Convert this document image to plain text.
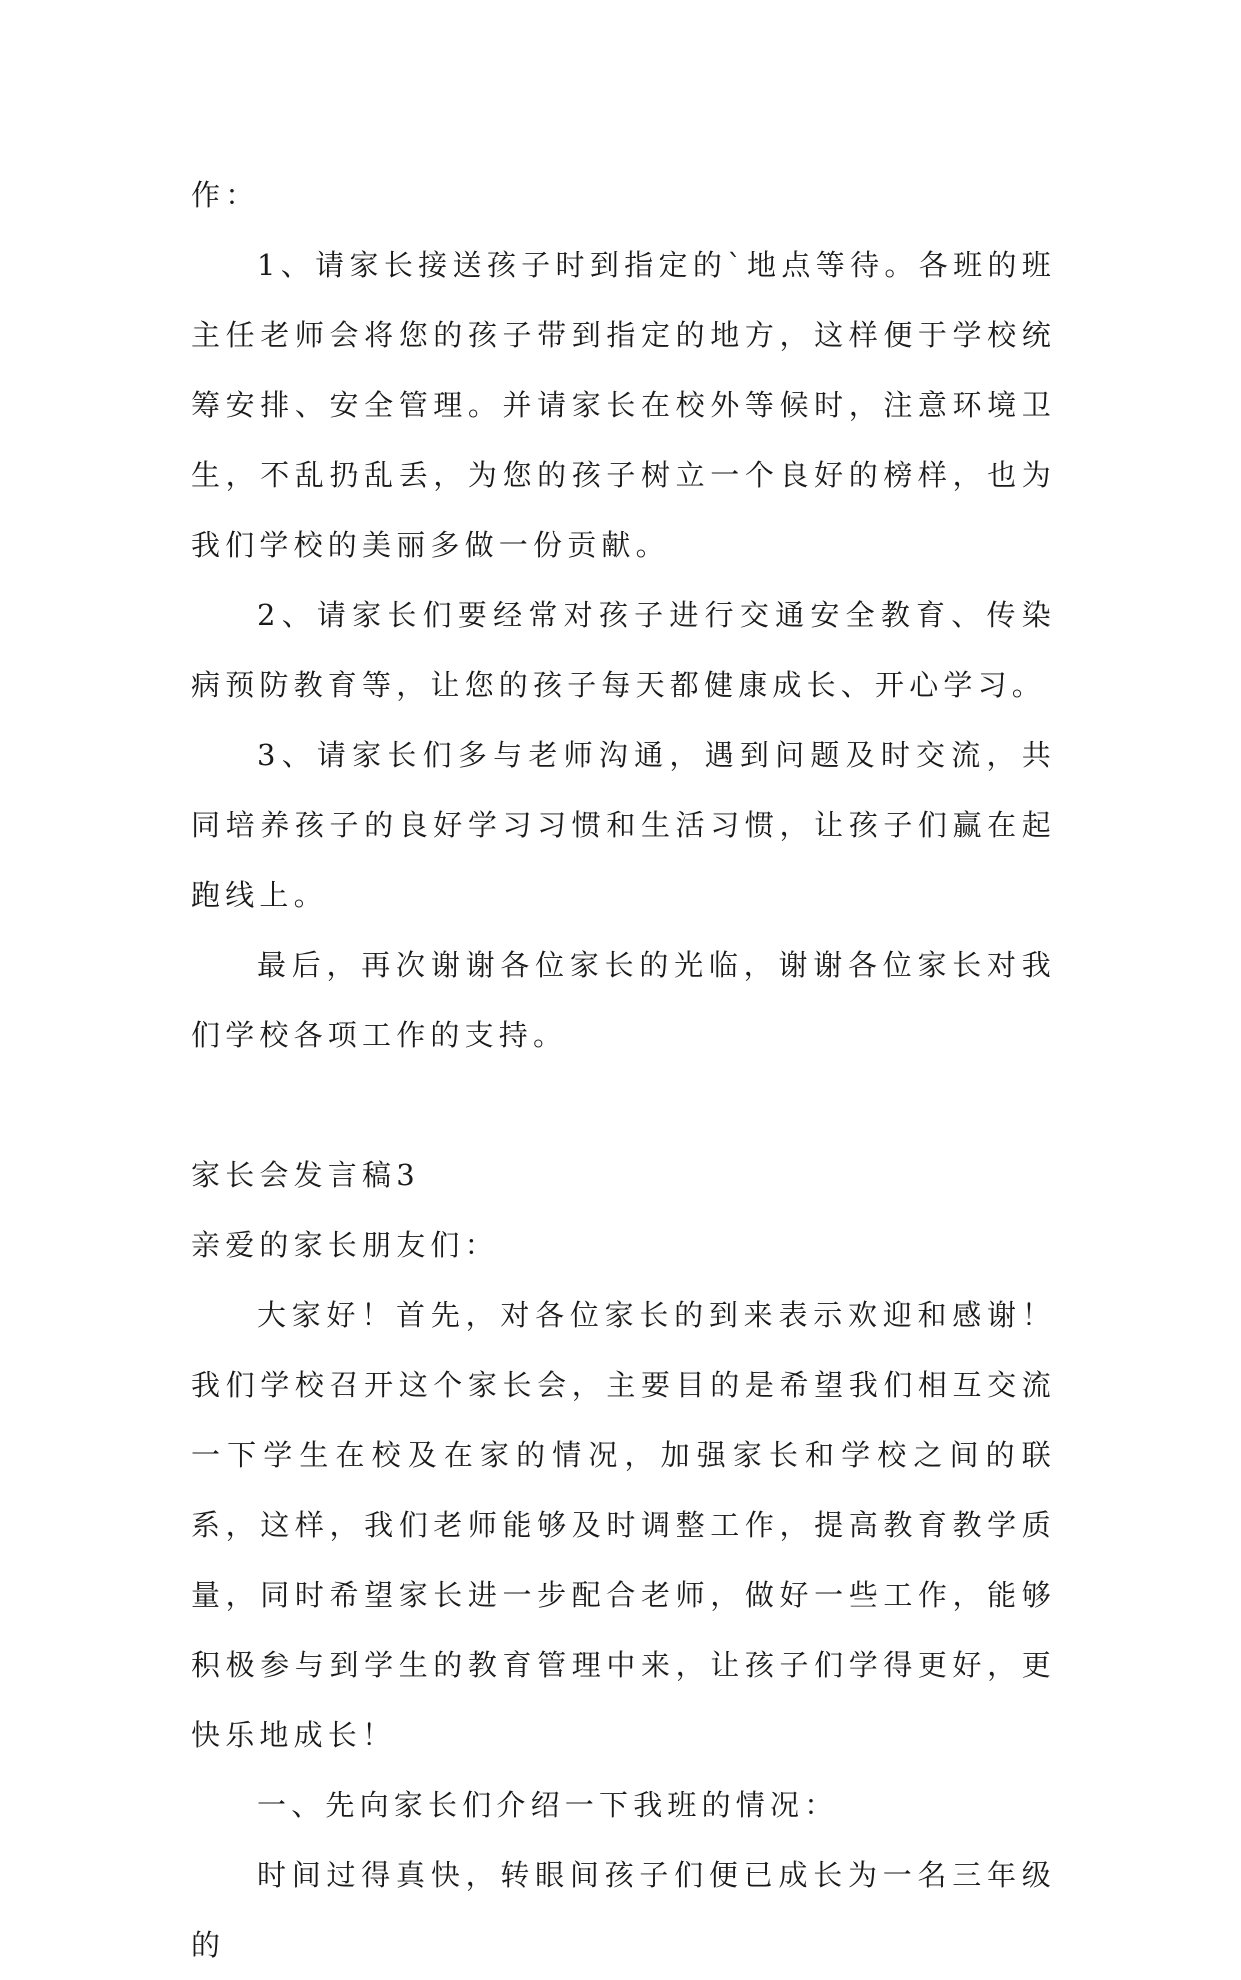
作：

1、请家长接送孩子时到指定的`地点等待。各班的班主任老师会将您的孩子带到指定的地方，这样便于学校统筹安排、安全管理。并请家长在校外等候时，注意环境卫生，不乱扔乱丢，为您的孩子树立一个良好的榜样，也为我们学校的美丽多做一份贡献。

2、请家长们要经常对孩子进行交通安全教育、传染病预防教育等，让您的孩子每天都健康成长、开心学习。

3、请家长们多与老师沟通，遇到问题及时交流，共同培养孩子的良好学习习惯和生活习惯，让孩子们赢在起跑线上。

最后，再次谢谢各位家长的光临，谢谢各位家长对我们学校各项工作的支持。

家长会发言稿3

亲爱的家长朋友们：

大家好！首先，对各位家长的到来表示欢迎和感谢！我们学校召开这个家长会，主要目的是希望我们相互交流一下学生在校及在家的情况，加强家长和学校之间的联系，这样，我们老师能够及时调整工作，提高教育教学质量，同时希望家长进一步配合老师，做好一些工作，能够积极参与到学生的教育管理中来，让孩子们学得更好，更快乐地成长！

一、先向家长们介绍一下我班的情况：

时间过得真快，转眼间孩子们便已成长为一名三年级的
